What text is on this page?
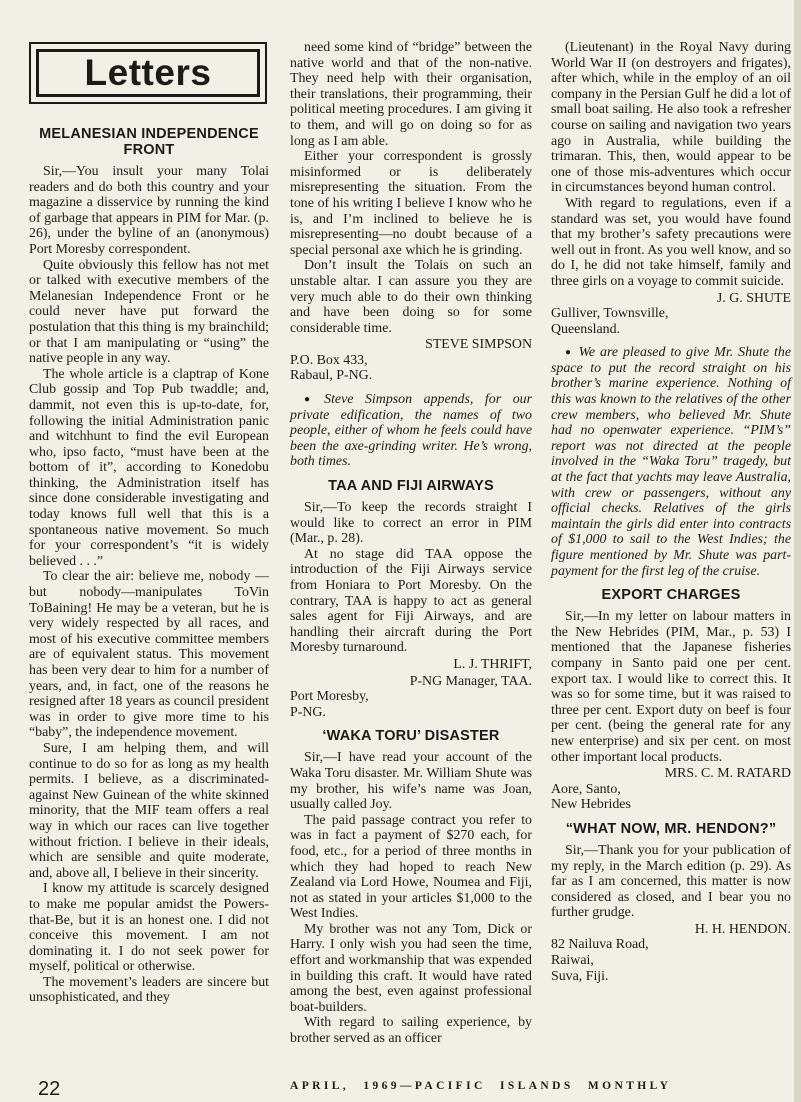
Letters
MELANESIAN INDEPENDENCE FRONT

Sir,—You insult your many Tolai readers and do both this country and your magazine a disservice by running the kind of garbage that appears in PIM for Mar. (p. 26), under the byline of an (anonymous) Port Moresby correspondent.

Quite obviously this fellow has not met or talked with executive members of the Melanesian Independence Front or he could never have put forward the postulation that this thing is my brainchild; or that I am manipulating or “using” the native people in any way.

The whole article is a claptrap of Kone Club gossip and Top Pub twaddle; and, dammit, not even this is up-to-date, for, following the initial Administration panic and witchhunt to find the evil European who, ipso facto, “must have been at the bottom of it”, according to Konedobu thinking, the Administration itself has since done considerable investigating and today knows full well that this is a spontaneous native movement. So much for your correspondent’s “it is widely believed . . .”

To clear the air: believe me, nobody —but nobody—manipulates ToVin ToBaining! He may be a veteran, but he is very widely respected by all races, and most of his executive committee members are of equivalent status. This movement has been very dear to him for a number of years, and, in fact, one of the reasons he resigned after 18 years as council president was in order to give more time to his “baby”, the independence movement.

Sure, I am helping them, and will continue to do so for as long as my health permits. I believe, as a discriminated-against New Guinean of the white skinned minority, that the MIF team offers a real way in which our races can live together without friction. I believe in their ideals, which are sensible and quite moderate, and, above all, I believe in their sincerity.

I know my attitude is scarcely designed to make me popular amidst the Powers-that-Be, but it is an honest one. I did not conceive this movement. I am not dominating it. I do not seek power for myself, political or otherwise.

The movement’s leaders are sincere but unsophisticated, and they

need some kind of “bridge” between the native world and that of the non-native. They need help with their organisation, their translations, their programming, their political meeting procedures. I am giving it to them, and will go on doing so for as long as I am able.

Either your correspondent is grossly misinformed or is deliberately misrepresenting the situation. From the tone of his writing I believe I know who he is, and I’m inclined to believe he is misrepresenting—no doubt because of a special personal axe which he is grinding.

Don’t insult the Tolais on such an unstable altar. I can assure you they are very much able to do their own thinking and have been doing so for some considerable time.

STEVE SIMPSON

P.O. Box 433,

Rabaul, P-NG.

● Steve Simpson appends, for our private edification, the names of two people, either of whom he feels could have been the axe-grinding writer. He’s wrong, both times.

TAA AND FIJI AIRWAYS

Sir,—To keep the records straight I would like to correct an error in PIM (Mar., p. 28).

At no stage did TAA oppose the introduction of the Fiji Airways service from Honiara to Port Moresby. On the contrary, TAA is happy to act as general sales agent for Fiji Airways, and are handling their aircraft during the Port Moresby turnaround.

L. J. THRIFT,

P-NG Manager, TAA.

Port Moresby,

P-NG.

‘WAKA TORU’ DISASTER

Sir,—I have read your account of the Waka Toru disaster. Mr. William Shute was my brother, his wife’s name was Joan, usually called Joy.

The paid passage contract you refer to was in fact a payment of $270 each, for food, etc., for a period of three months in which they had hoped to reach New Zealand via Lord Howe, Noumea and Fiji, not as stated in your articles $1,000 to the West Indies.

My brother was not any Tom, Dick or Harry. I only wish you had seen the time, effort and workmanship that was expended in building this craft. It would have rated among the best, even against professional boat-builders.

With regard to sailing experience, by brother served as an officer

(Lieutenant) in the Royal Navy during World War II (on destroyers and frigates), after which, while in the employ of an oil company in the Persian Gulf he did a lot of small boat sailing. He also took a refresher course on sailing and navigation two years ago in Australia, while building the trimaran. This, then, would appear to be one of those mis-adventures which occur in circumstances beyond human control.

With regard to regulations, even if a standard was set, you would have found that my brother’s safety precautions were well out in front. As you well know, and so do I, he did not take himself, family and three girls on a voyage to commit suicide.

J. G. SHUTE

Gulliver, Townsville,

Queensland.

● We are pleased to give Mr. Shute the space to put the record straight on his brother’s marine experience. Nothing of this was known to the relatives of the other crew members, who believed Mr. Shute had no openwater experience. “PIM’s” report was not directed at the people involved in the “Waka Toru” tragedy, but at the fact that yachts may leave Australia, with crew or passengers, without any official checks. Relatives of the girls maintain the girls did enter into contracts of $1,000 to sail to the West Indies; the figure mentioned by Mr. Shute was part-payment for the first leg of the cruise.

EXPORT CHARGES

Sir,—In my letter on labour matters in the New Hebrides (PIM, Mar., p. 53) I mentioned that the Japanese fisheries company in Santo paid one per cent. export tax. I would like to correct this. It was so for some time, but it was raised to three per cent. Export duty on beef is four per cent. (being the general rate for any new enterprise) and six per cent. on most other important local products.

MRS. C. M. RATARD

Aore, Santo,

New Hebrides

“WHAT NOW, MR. HENDON?”

Sir,—Thank you for your publication of my reply, in the March edition (p. 29). As far as I am concerned, this matter is now considered as closed, and I bear you no further grudge.

H. H. HENDON.

82 Nailuva Road,

Raiwai,

Suva, Fiji.

22	APRIL, 1969—PACIFIC ISLANDS MONTHLY
